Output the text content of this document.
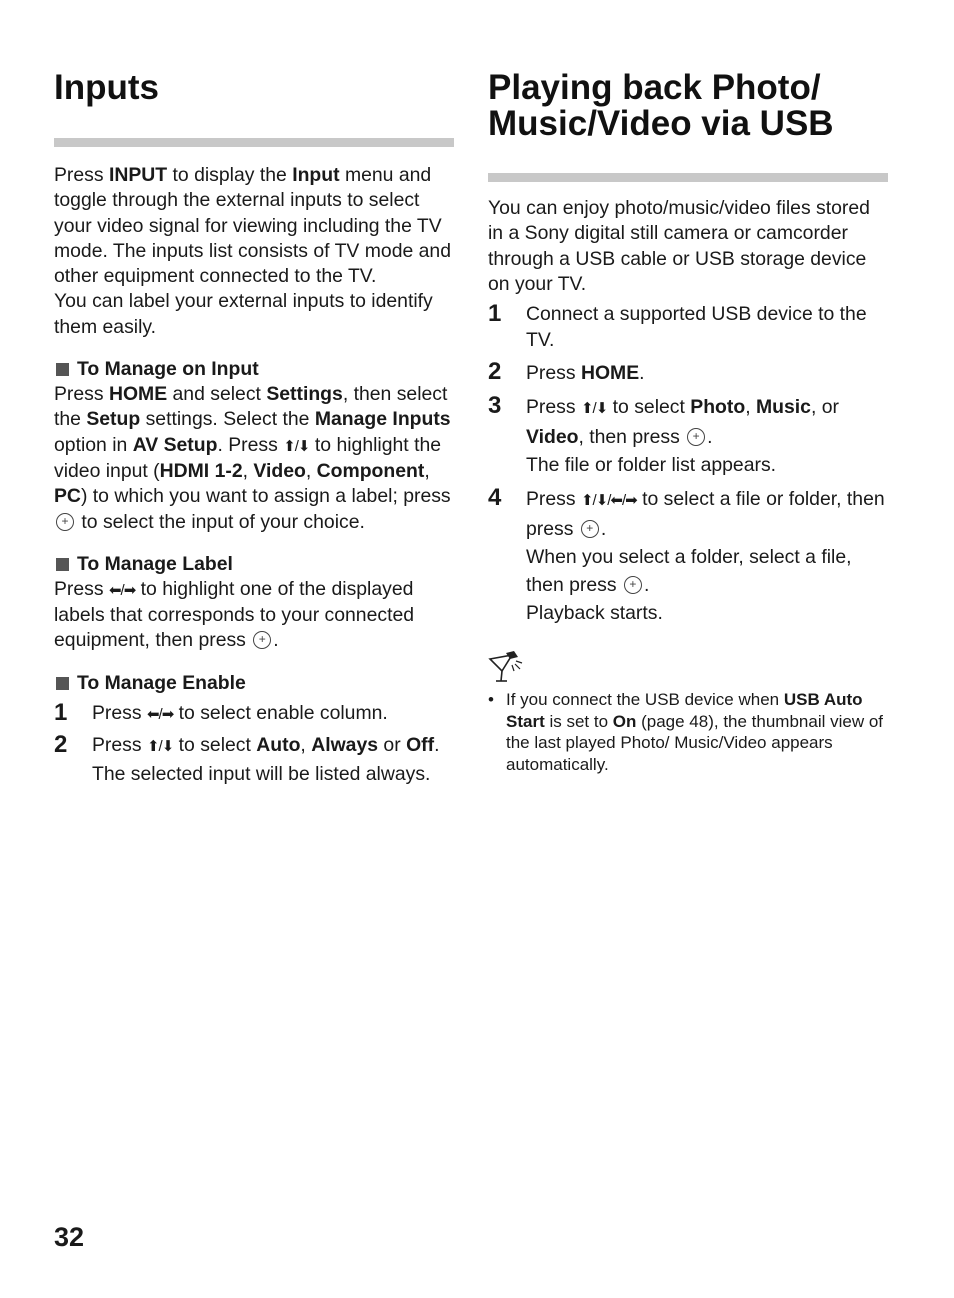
Inputs

Press INPUT to display the Input menu and toggle through the external inputs to select your video signal for viewing including the TV mode. The inputs list consists of TV mode and other equipment connected to the TV.

You can label your external inputs to identify them easily.

To Manage on Input

Press HOME and select Settings, then select the Setup settings. Select the Manage Inputs option in AV Setup. Press ⬆/⬇ to highlight the video input (HDMI 1-2, Video, Component, PC) to which you want to assign a label; press + to select the input of your choice.

To Manage Label

Press ⬅/➡ to highlight one of the displayed labels that corresponds to your connected equipment, then press +.

To Manage Enable
1	Press ⬅/➡ to select enable column.
2	Press ⬆/⬇ to select Auto, Always or Off. The selected input will be listed always.
Playing back Photo/
Music/Video via USB

You can enjoy photo/music/video files stored in a Sony digital still camera or camcorder through a USB cable or USB storage device on your TV.

1	Connect a supported USB device to the TV.
2	Press HOME.
3	Press ⬆/⬇ to select Photo, Music, or Video, then press +.
The file or folder list appears.
4	Press ⬆/⬇/⬅/➡ to select a file or folder, then press +.
When you select a folder, select a file, then press +.
Playback starts.
• If you connect the USB device when USB Auto Start is set to On (page 48), the thumbnail view of the last played Photo/ Music/Video appears automatically.
32
